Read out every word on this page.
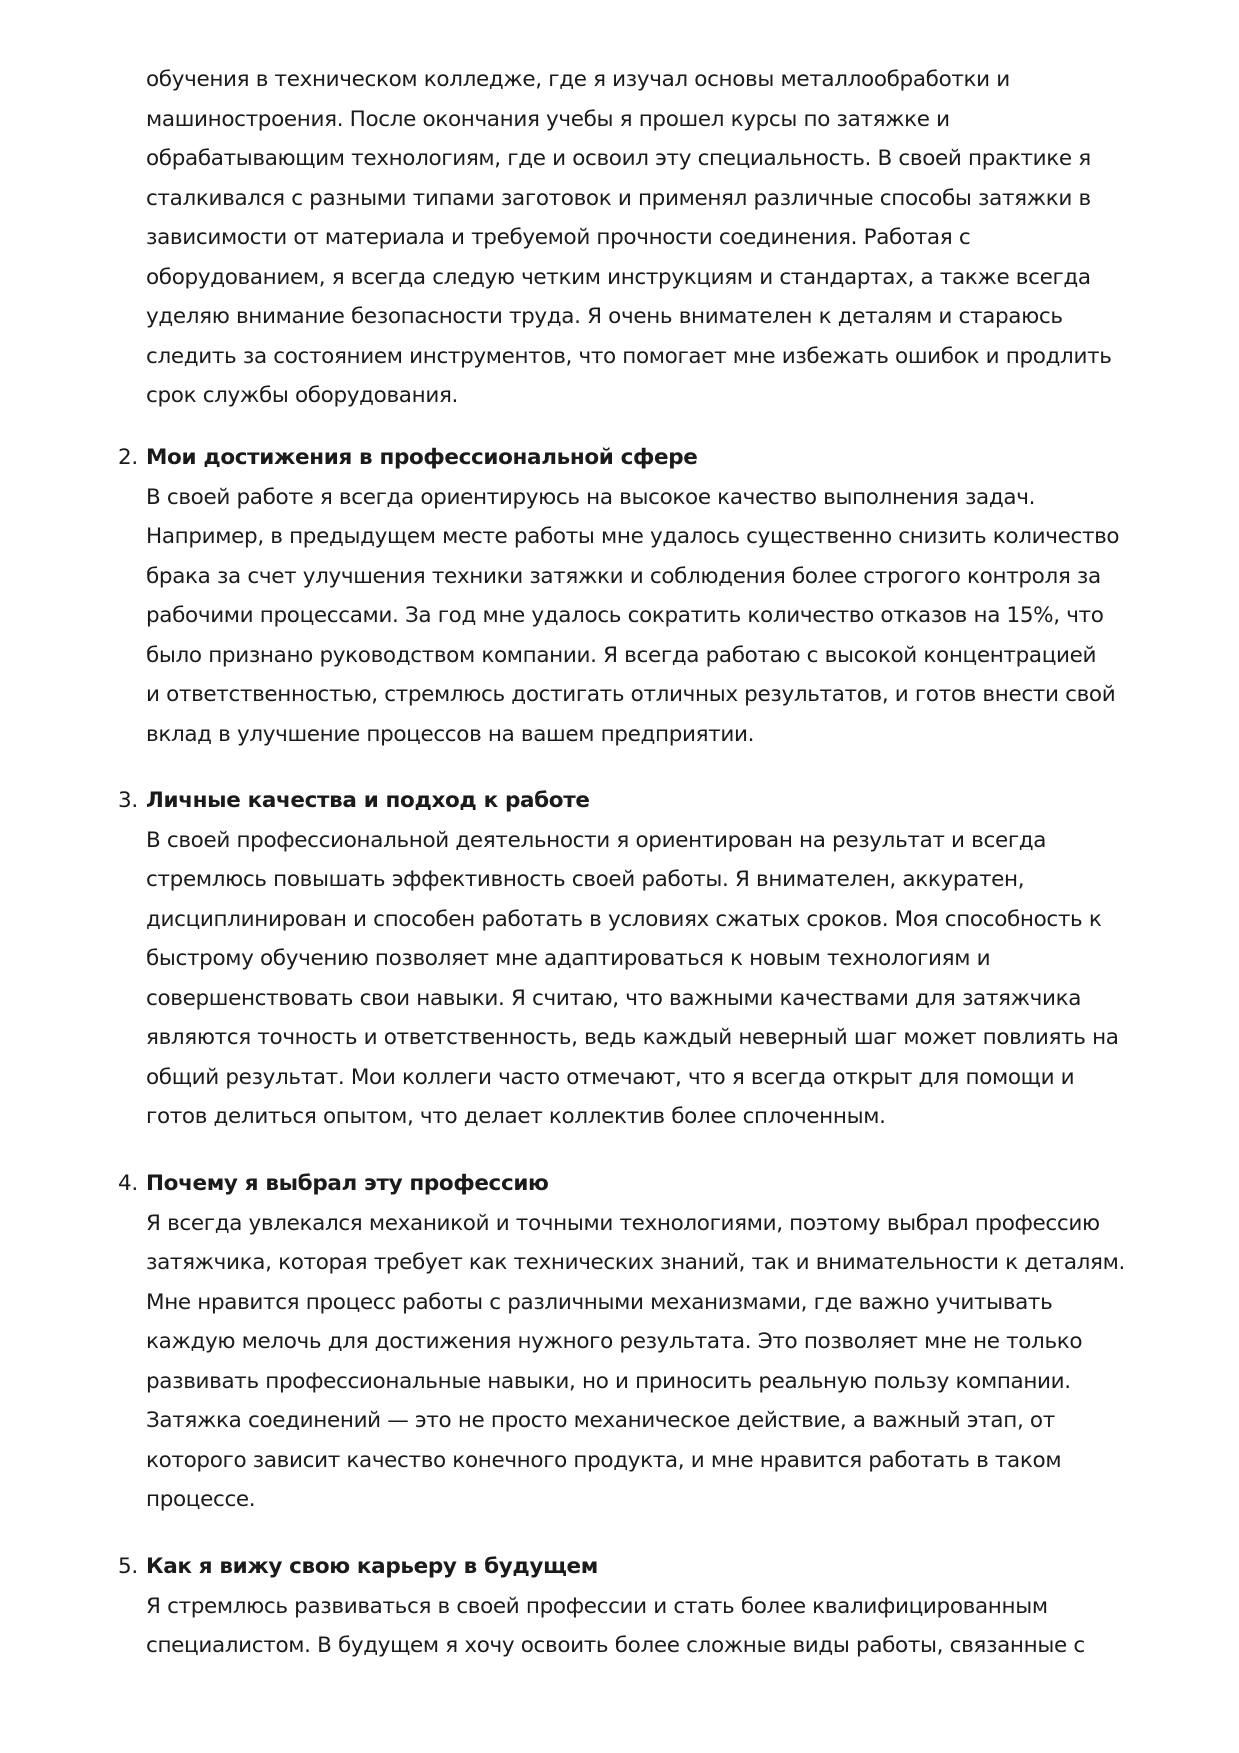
обучения в техническом колледже, где я изучал основы металлообработки и
машиностроения. После окончания учебы я прошел курсы по затяжке и
обрабатывающим технологиям, где и освоил эту специальность. В своей практике я
сталкивался с разными типами заготовок и применял различные способы затяжки в
зависимости от материала и требуемой прочности соединения. Работая с
оборудованием, я всегда следую четким инструкциям и стандартах, а также всегда
уделяю внимание безопасности труда. Я очень внимателен к деталям и стараюсь
следить за состоянием инструментов, что помогает мне избежать ошибок и продлить
срок службы оборудования.
2. Мои достижения в профессиональной сфере
В своей работе я всегда ориентируюсь на высокое качество выполнения задач.
Например, в предыдущем месте работы мне удалось существенно снизить количество
брака за счет улучшения техники затяжки и соблюдения более строгого контроля за
рабочими процессами. За год мне удалось сократить количество отказов на 15%, что
было признано руководством компании. Я всегда работаю с высокой концентрацией
и ответственностью, стремлюсь достигать отличных результатов, и готов внести свой
вклад в улучшение процессов на вашем предприятии.
3. Личные качества и подход к работе
В своей профессиональной деятельности я ориентирован на результат и всегда
стремлюсь повышать эффективность своей работы. Я внимателен, аккуратен,
дисциплинирован и способен работать в условиях сжатых сроков. Моя способность к
быстрому обучению позволяет мне адаптироваться к новым технологиям и
совершенствовать свои навыки. Я считаю, что важными качествами для затяжчика
являются точность и ответственность, ведь каждый неверный шаг может повлиять на
общий результат. Мои коллеги часто отмечают, что я всегда открыт для помощи и
готов делиться опытом, что делает коллектив более сплоченным.
4. Почему я выбрал эту профессию
Я всегда увлекался механикой и точными технологиями, поэтому выбрал профессию
затяжчика, которая требует как технических знаний, так и внимательности к деталям.
Мне нравится процесс работы с различными механизмами, где важно учитывать
каждую мелочь для достижения нужного результата. Это позволяет мне не только
развивать профессиональные навыки, но и приносить реальную пользу компании.
Затяжка соединений — это не просто механическое действие, а важный этап, от
которого зависит качество конечного продукта, и мне нравится работать в таком
процессе.
5. Как я вижу свою карьеру в будущем
Я стремлюсь развиваться в своей профессии и стать более квалифицированным
специалистом. В будущем я хочу освоить более сложные виды работы, связанные с
